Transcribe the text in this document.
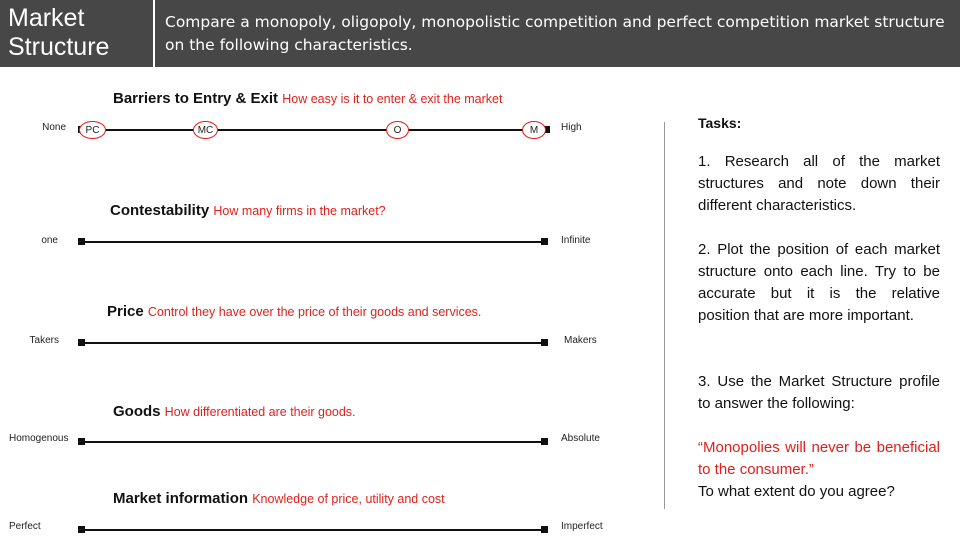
Market
Structure
Compare a monopoly, oligopoly, monopolistic competition and perfect competition market structure on the following characteristics.
Barriers to Entry & Exit How easy is it to enter & exit the market
None	High
PC	MC	O	M
Contestability How many firms in the market?
one	Infinite
Price Control they have over the price of their goods and services.
Takers	Makers
Goods How differentiated are their goods.
Homogenous	Absolute
Market information Knowledge of price, utility and cost
Perfect	Imperfect
Tasks:
1. Research all of the market structures and note down their different characteristics.
2. Plot the position of each market structure onto each line. Try to be accurate but it is the relative position that are more important.
3. Use the Market Structure profile to answer the following:
“Monopolies will never be beneficial to the consumer.”
To what extent do you agree?
